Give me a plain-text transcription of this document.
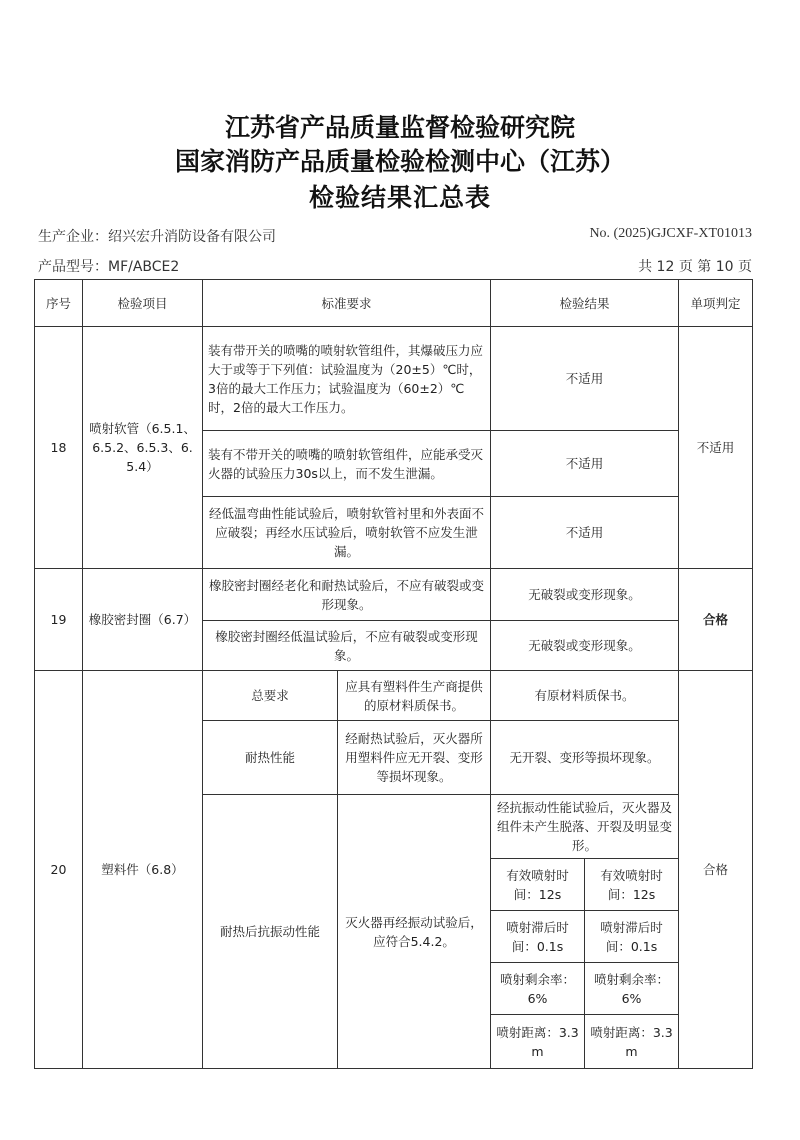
江苏省产品质量监督检验研究院
国家消防产品质量检验检测中心（江苏）
检验结果汇总表
生产企业：绍兴宏升消防设备有限公司	No. (2025)GJCXF-XT01013
产品型号：MF/ABCE2	共 12 页 第 10 页
序号	检验项目	标准要求		检验结果		单项判定
18	喷射软管（6.5.1、6.5.2、6.5.3、6.5.4）	装有带开关的喷嘴的喷射软管组件，其爆破压力应大于或等于下列值：试验温度为（20±5）℃时，3倍的最大工作压力；试验温度为（60±2）℃时，2倍的最大工作压力。		不适用		不适用
		装有不带开关的喷嘴的喷射软管组件，应能承受灭火器的试验压力30s以上，而不发生泄漏。		不适用		
		经低温弯曲性能试验后，喷射软管衬里和外表面不应破裂；再经水压试验后，喷射软管不应发生泄漏。		不适用		
19	橡胶密封圈（6.7）	橡胶密封圈经老化和耐热试验后，不应有破裂或变形现象。		无破裂或变形现象。		合格
		橡胶密封圈经低温试验后，不应有破裂或变形现象。		无破裂或变形现象。		
20	塑料件（6.8）	总要求	应具有塑料件生产商提供的原材料质保书。	有原材料质保书。		合格
		耐热性能	经耐热试验后，灭火器所用塑料件应无开裂、变形等损坏现象。	无开裂、变形等损坏现象。		
		耐热后抗振动性能	灭火器再经振动试验后，应符合5.4.2。	经抗振动性能试验后，灭火器及组件未产生脱落、开裂及明显变形。		
				有效喷射时间：12s	有效喷射时间：12s	
				喷射滞后时间：0.1s	喷射滞后时间：0.1s	
				喷射剩余率：6%	喷射剩余率：6%	
				喷射距离：3.3m	喷射距离：3.3m	
